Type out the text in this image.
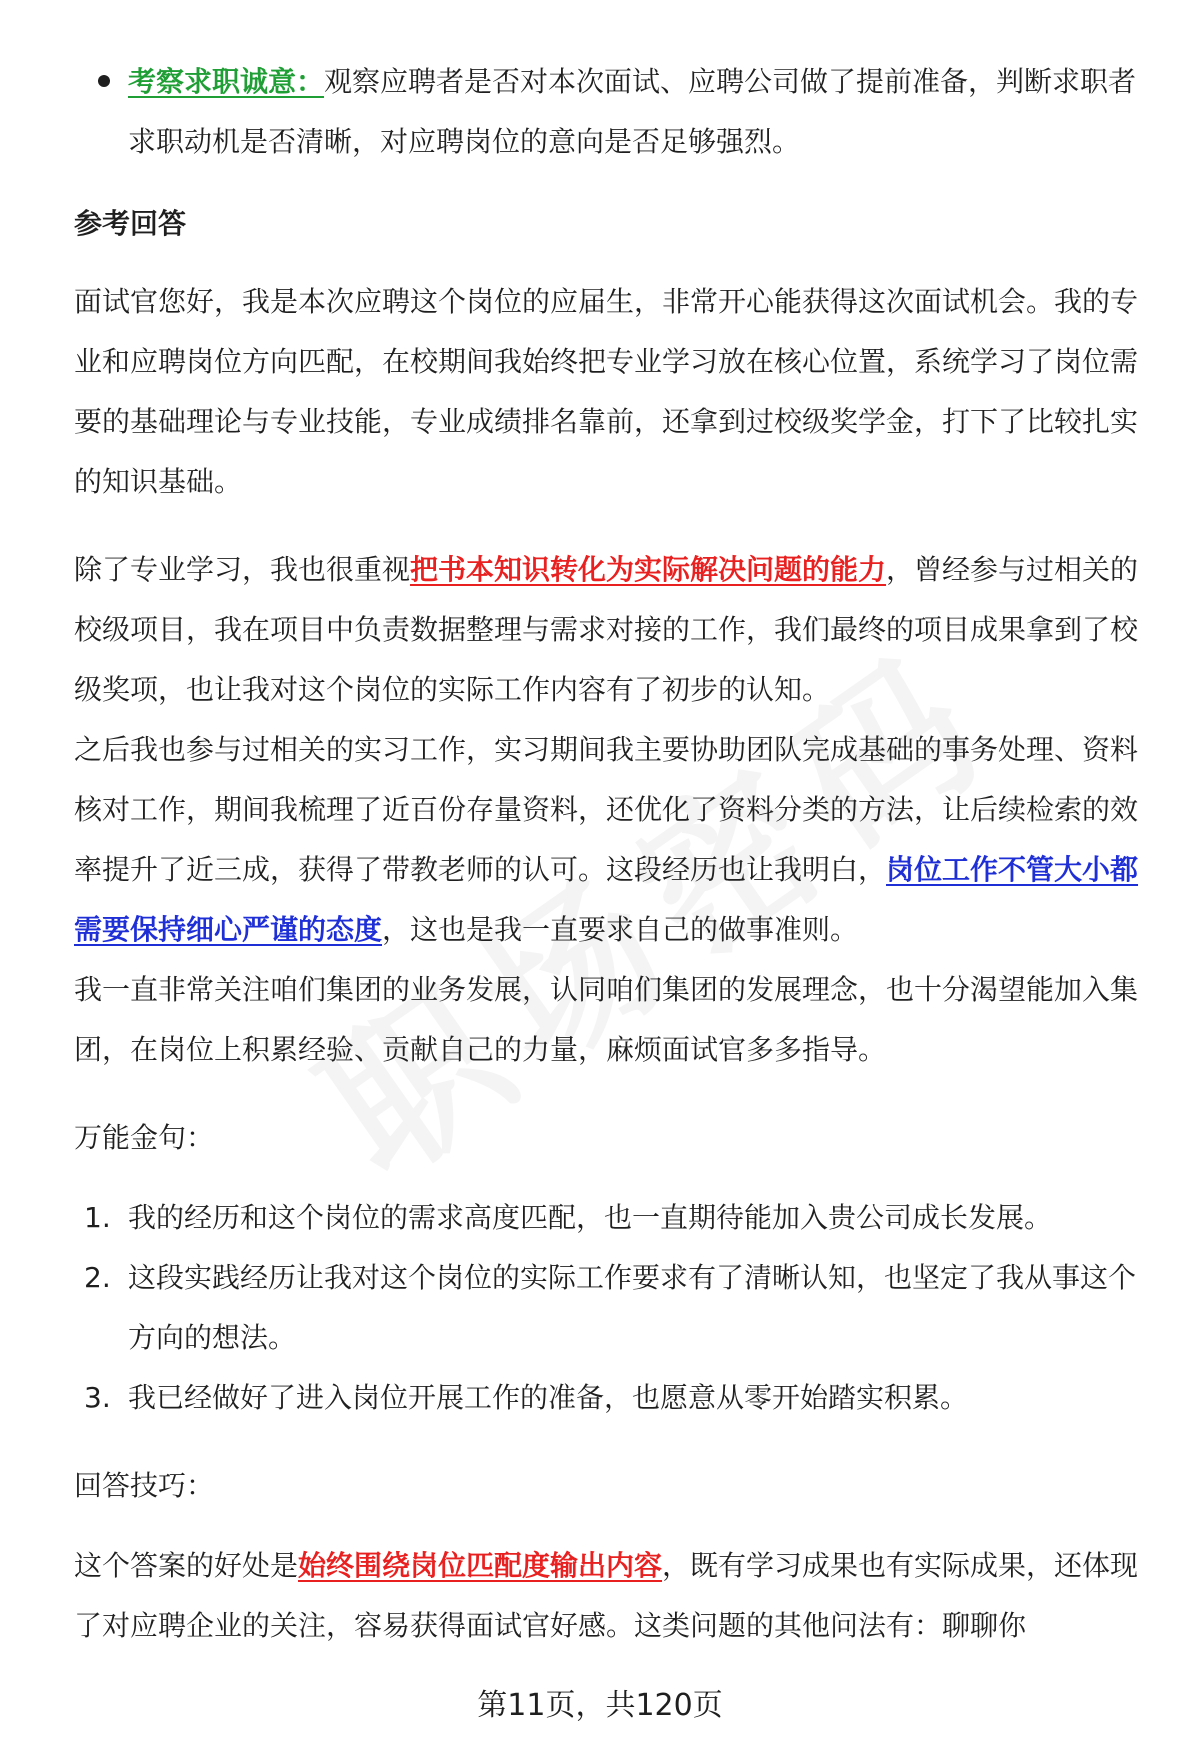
考察求职诚意：观察应聘者是否对本次面试、应聘公司做了提前准备，判断求职者求职动机是否清晰，对应聘岗位的意向是否足够强烈。

参考回答

面试官您好，我是本次应聘这个岗位的应届生，非常开心能获得这次面试机会。我的专业和应聘岗位方向匹配，在校期间我始终把专业学习放在核心位置，系统学习了岗位需要的基础理论与专业技能，专业成绩排名靠前，还拿到过校级奖学金，打下了比较扎实的知识基础。

除了专业学习，我也很重视把书本知识转化为实际解决问题的能力，曾经参与过相关的校级项目，我在项目中负责数据整理与需求对接的工作，我们最终的项目成果拿到了校级奖项，也让我对这个岗位的实际工作内容有了初步的认知。

之后我也参与过相关的实习工作，实习期间我主要协助团队完成基础的事务处理、资料核对工作，期间我梳理了近百份存量资料，还优化了资料分类的方法，让后续检索的效率提升了近三成，获得了带教老师的认可。这段经历也让我明白，岗位工作不管大小都需要保持细心严谨的态度，这也是我一直要求自己的做事准则。

我一直非常关注咱们集团的业务发展，认同咱们集团的发展理念，也十分渴望能加入集团，在岗位上积累经验、贡献自己的力量，麻烦面试官多多指导。

万能金句：

1. 我的经历和这个岗位的需求高度匹配，也一直期待能加入贵公司成长发展。

2. 这段实践经历让我对这个岗位的实际工作要求有了清晰认知，也坚定了我从事这个方向的想法。

3. 我已经做好了进入岗位开展工作的准备，也愿意从零开始踏实积累。

回答技巧：

这个答案的好处是始终围绕岗位匹配度输出内容，既有学习成果也有实际成果，还体现了对应聘企业的关注，容易获得面试官好感。这类问题的其他问法有：聊聊你

第11页，共120页
